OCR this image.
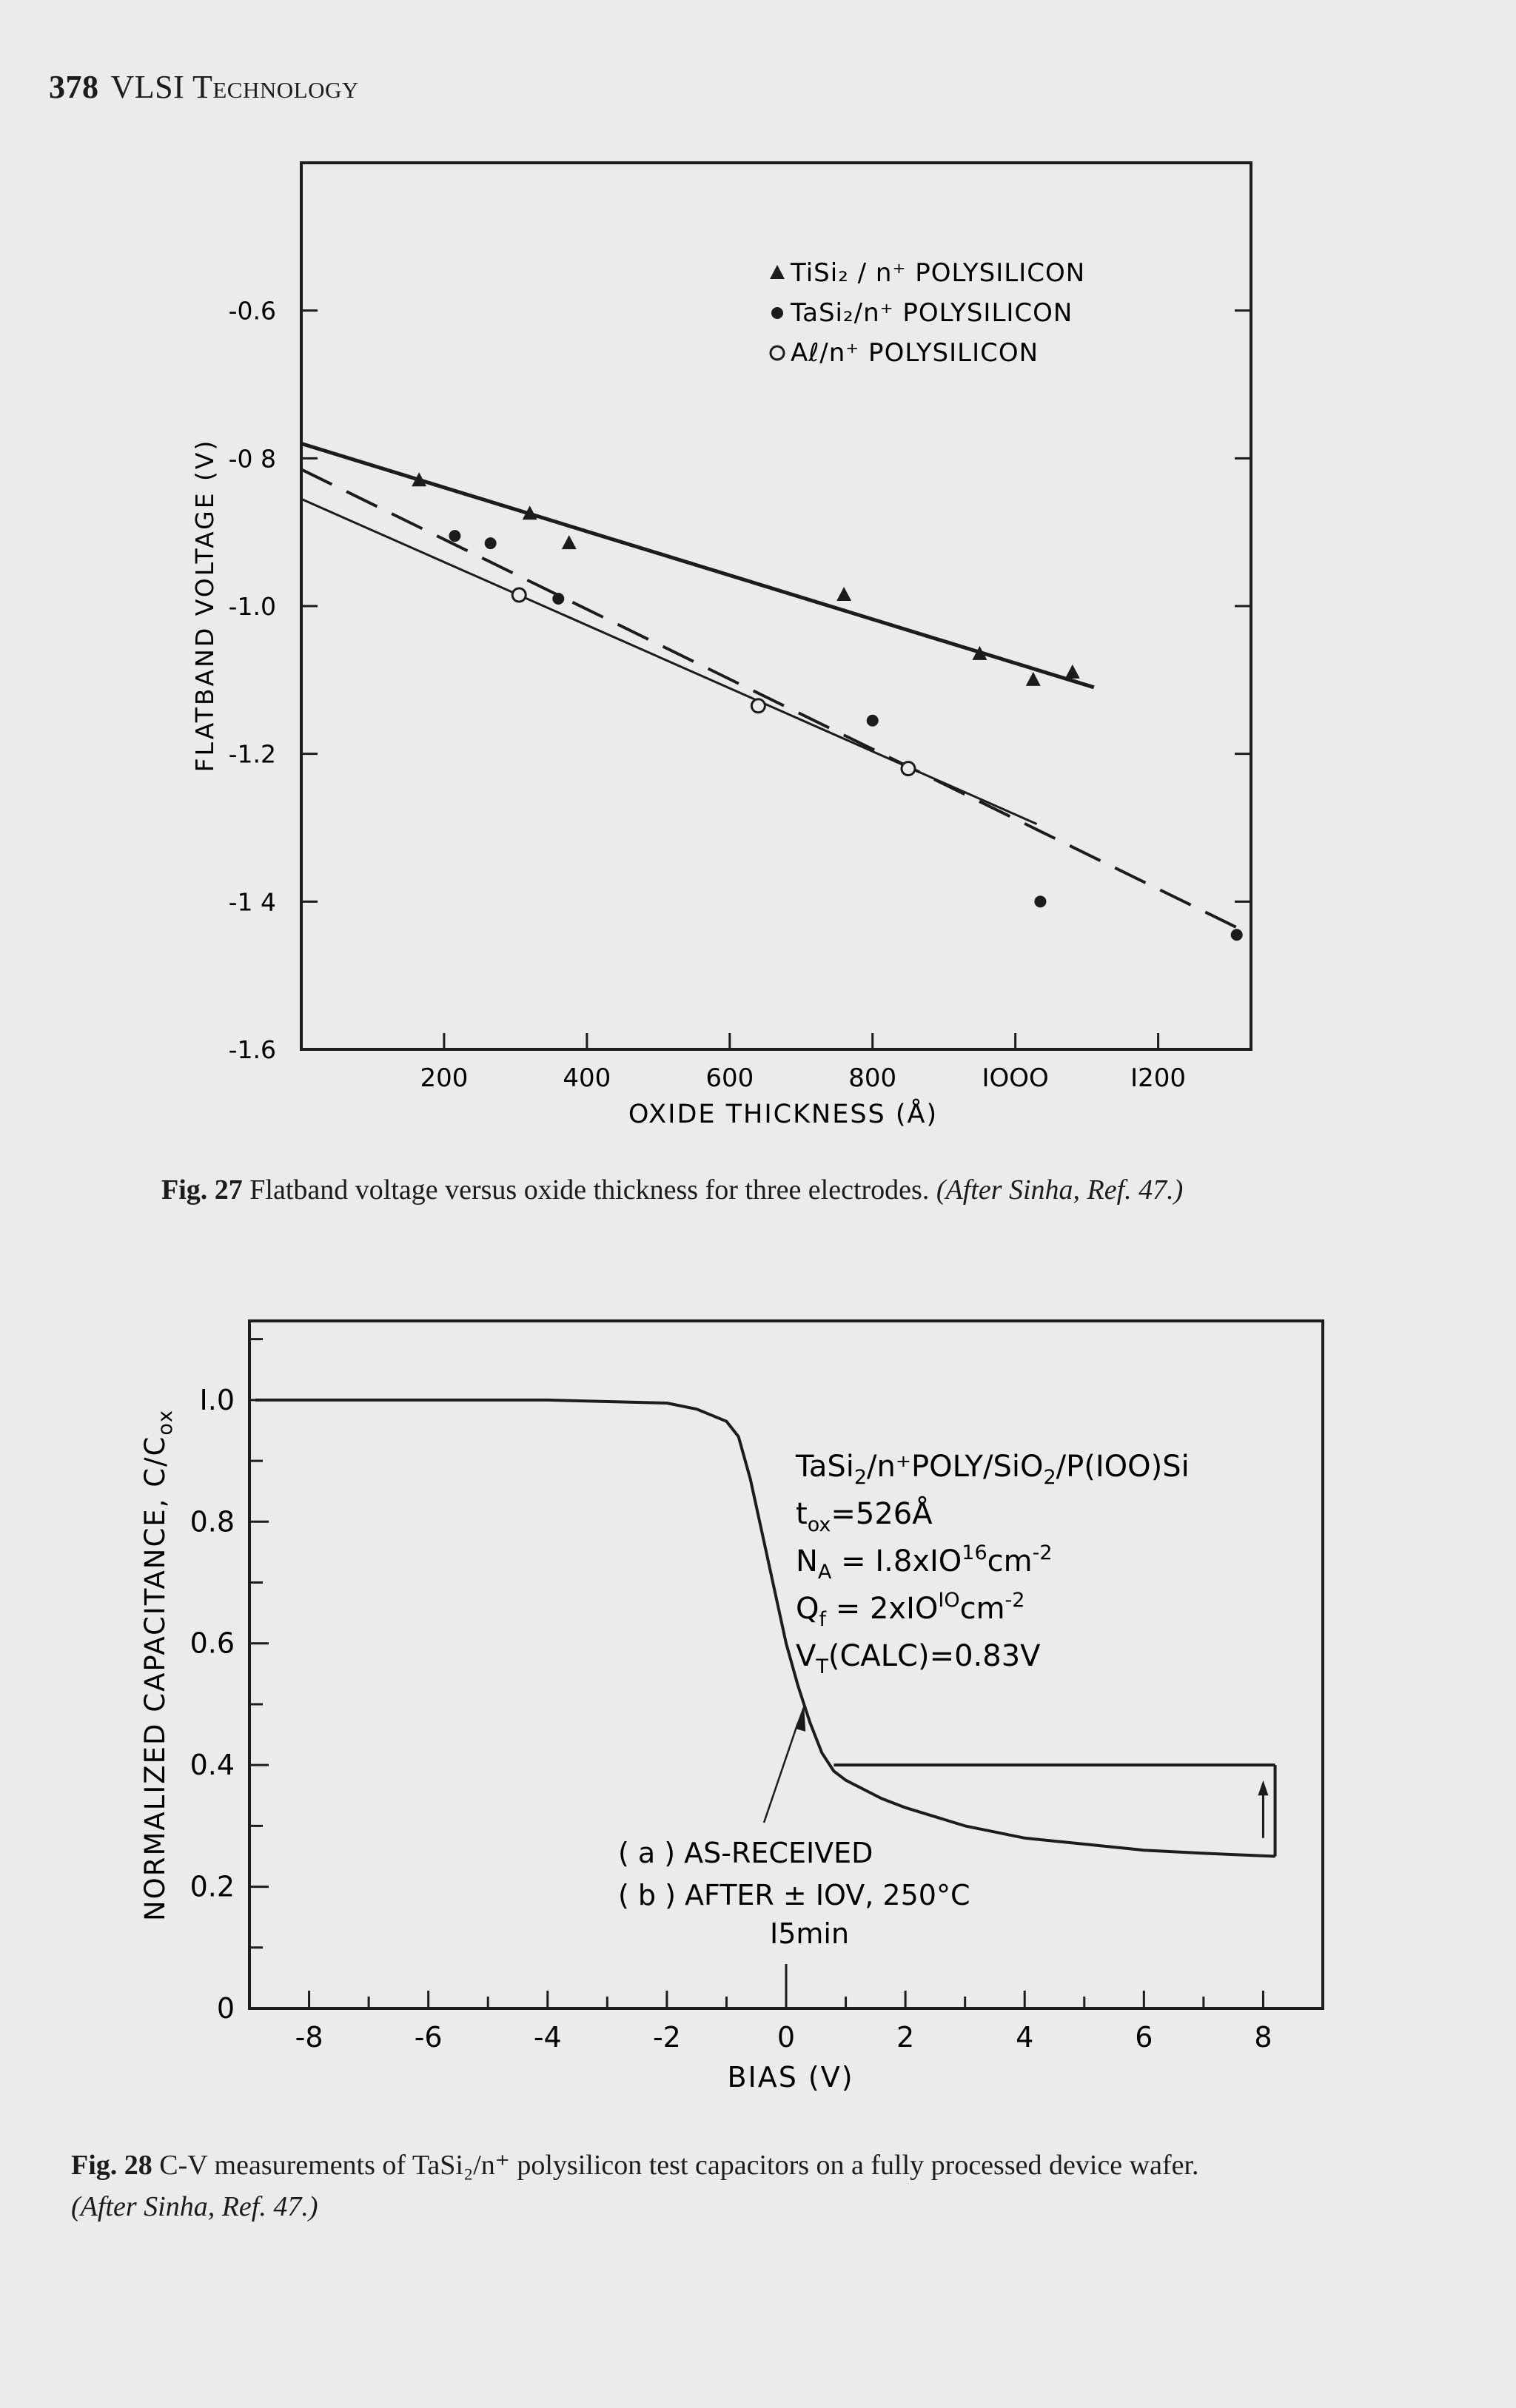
378 VLSI Technology
200	400	600	800	IOOO	I200
-0.6
-0 8
-1.0
-1.2
-1 4
-1.6
TiSi₂ / n⁺ POLYSILICON
TaSi₂/n⁺ POLYSILICON
Aℓ/n⁺ POLYSILICON
FLATBAND VOLTAGE (V)
OXIDE THICKNESS (Å)
Fig. 27 Flatband voltage versus oxide thickness for three electrodes. (After Sinha, Ref. 47.)
-8	-6	-4	-2	0	2	4	6	8
0
0.2
0.4
0.6
0.8
I.0
TaSi$_2$/n⁺POLY/SiO$_2$/P(IOO)Si
$t_{ox}=526Å$
$N_A = I.8xIO^{16}cm^{-2}$
$Q_f = 2xIO^{IO}cm^{-2}$
$V_T(CALC)=0.83V$
( a ) AS-RECEIVED
( b ) AFTER ± IOV, 250°C
I5min
NORMALIZED CAPACITANCE, $C/C_{ox}$
BIAS (V)
Fig. 28 C-V measurements of TaSi₂/n⁺ polysilicon test capacitors on a fully processed device wafer.
(After Sinha, Ref. 47.)
